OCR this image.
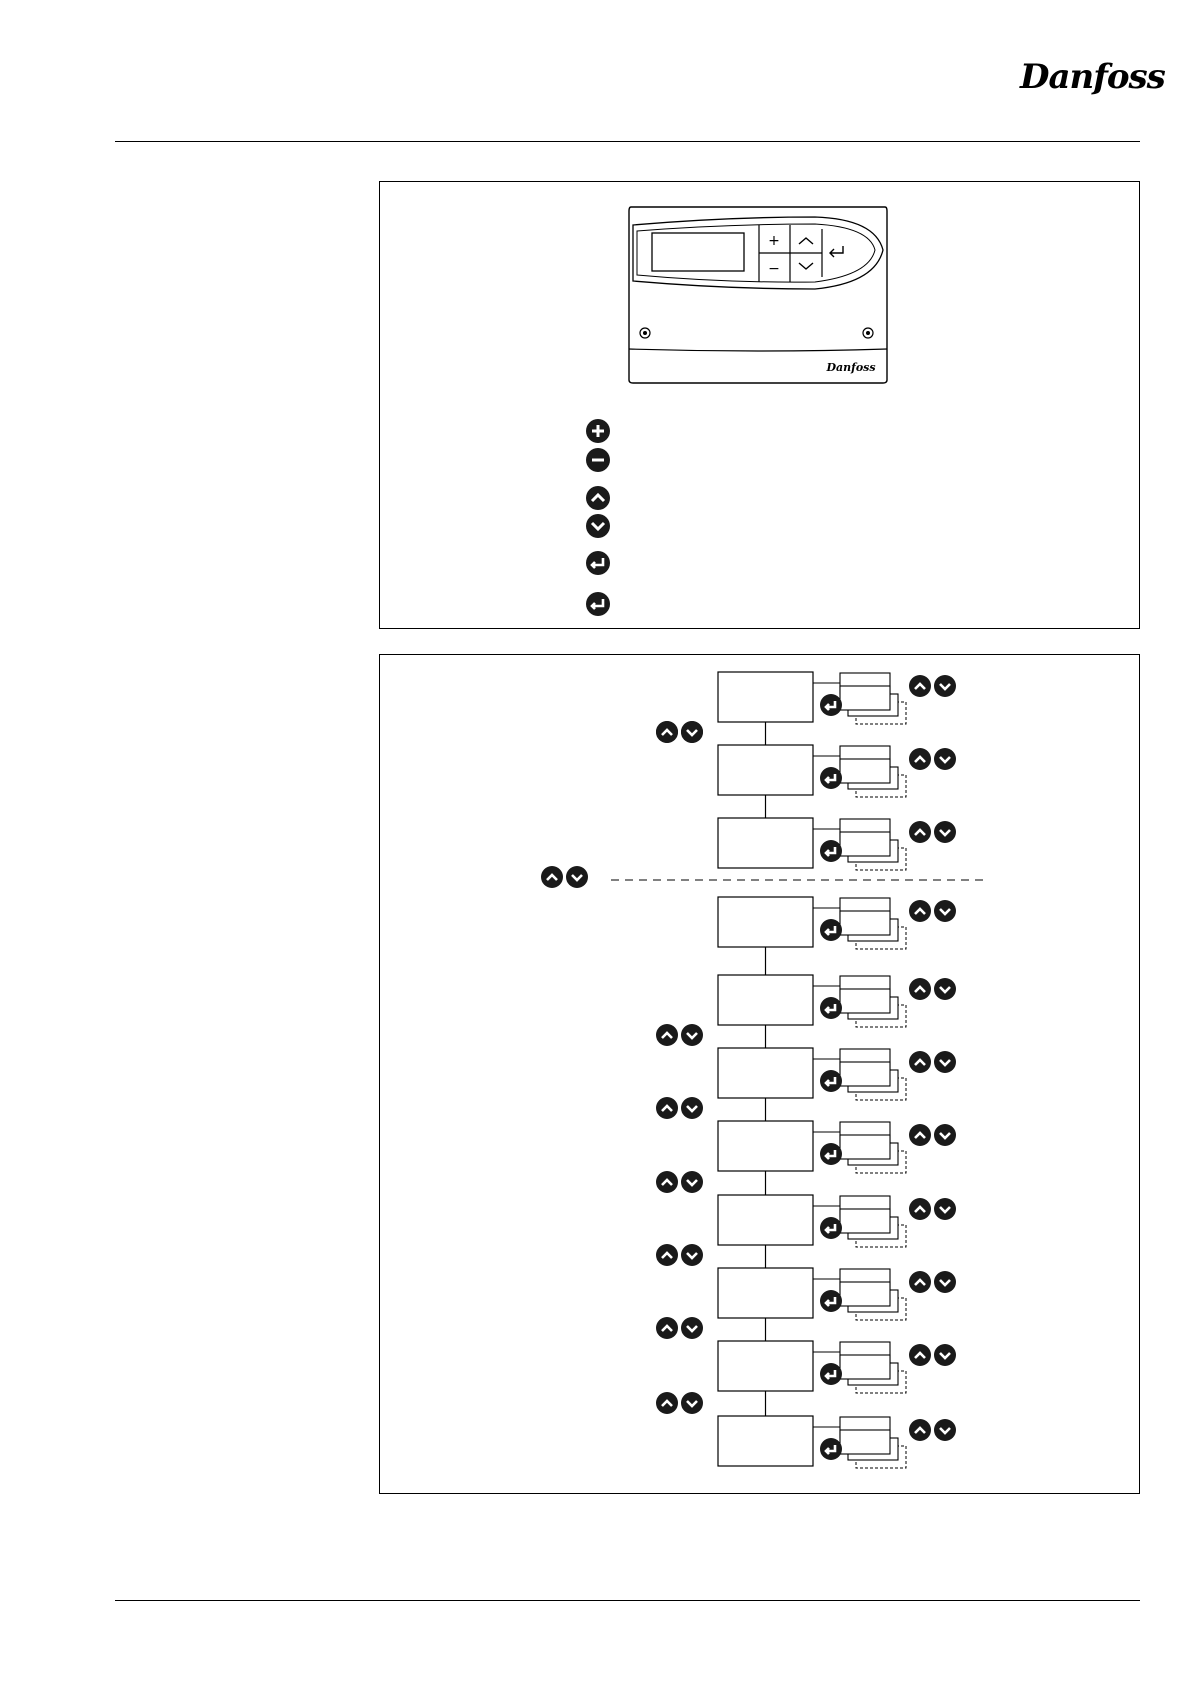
Danfoss
+
−
Danfoss
